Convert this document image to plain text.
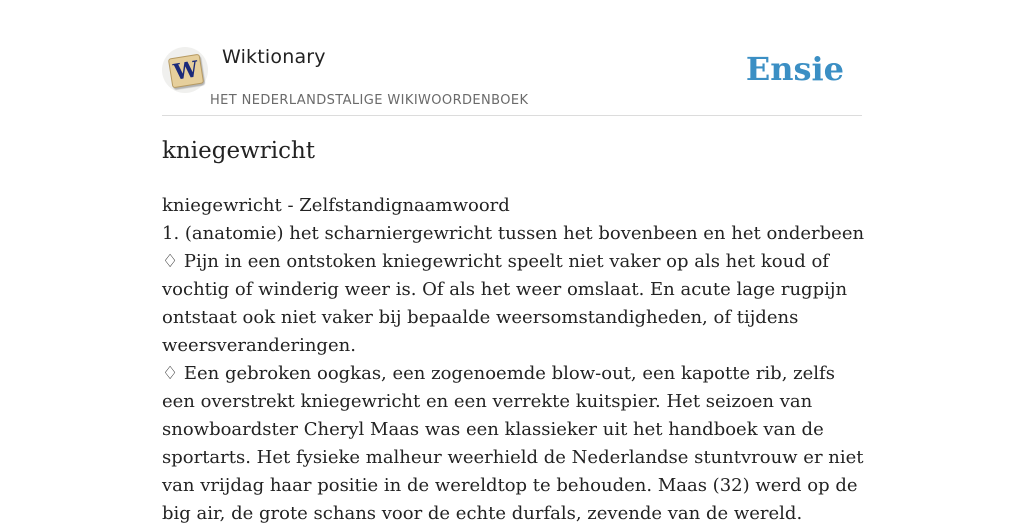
W Wiktionary
HET NEDERLANDSTALIGE WIKIWOORDENBOEK
Ensie
kniegewricht

kniegewricht - Zelfstandignaamwoord

1. (anatomie) het scharniergewricht tussen het bovenbeen en het onderbeen

♢ Pijn in een ontstoken kniegewricht speelt niet vaker op als het koud of vochtig of winderig weer is. Of als het weer omslaat. En acute lage rugpijn ontstaat ook niet vaker bij bepaalde weersomstandigheden, of tijdens weersveranderingen.

♢ Een gebroken oogkas, een zogenoemde blow-out, een kapotte rib, zelfs een overstrekt kniegewricht en een verrekte kuitspier. Het seizoen van snowboardster Cheryl Maas was een klassieker uit het handboek van de sportarts. Het fysieke malheur weerhield de Nederlandse stuntvrouw er niet van vrijdag haar positie in de wereldtop te behouden. Maas (32) werd op de big air, de grote schans voor de echte durfals, zevende van de wereld.
